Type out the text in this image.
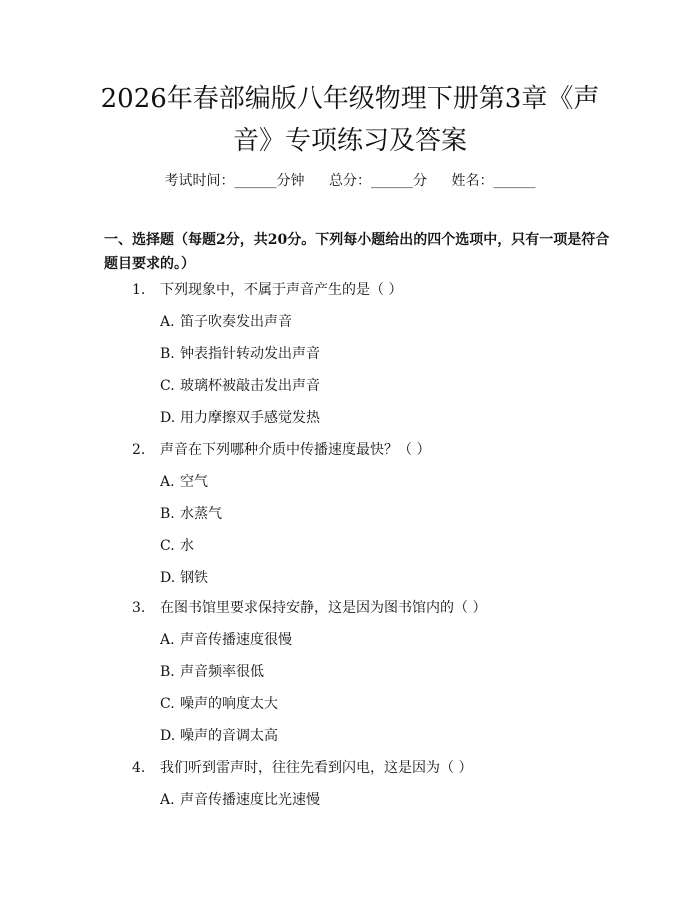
2026年春部编版八年级物理下册第3章《声音》专项练习及答案
考试时间：______分钟 总分：______分 姓名：______

一、选择题（每题2分，共20分。下列每小题给出的四个选项中，只有一项是符合题目要求的。）

1. 下列现象中，不属于声音产生的是（ ）
A. 笛子吹奏发出声音
B. 钟表指针转动发出声音
C. 玻璃杯被敲击发出声音
D. 用力摩擦双手感觉发热
2. 声音在下列哪种介质中传播速度最快？（ ）
A. 空气
B. 水蒸气
C. 水
D. 钢铁
3. 在图书馆里要求保持安静，这是因为图书馆内的（ ）
A. 声音传播速度很慢
B. 声音频率很低
C. 噪声的响度太大
D. 噪声的音调太高
4. 我们听到雷声时，往往先看到闪电，这是因为（ ）
A. 声音传播速度比光速慢
